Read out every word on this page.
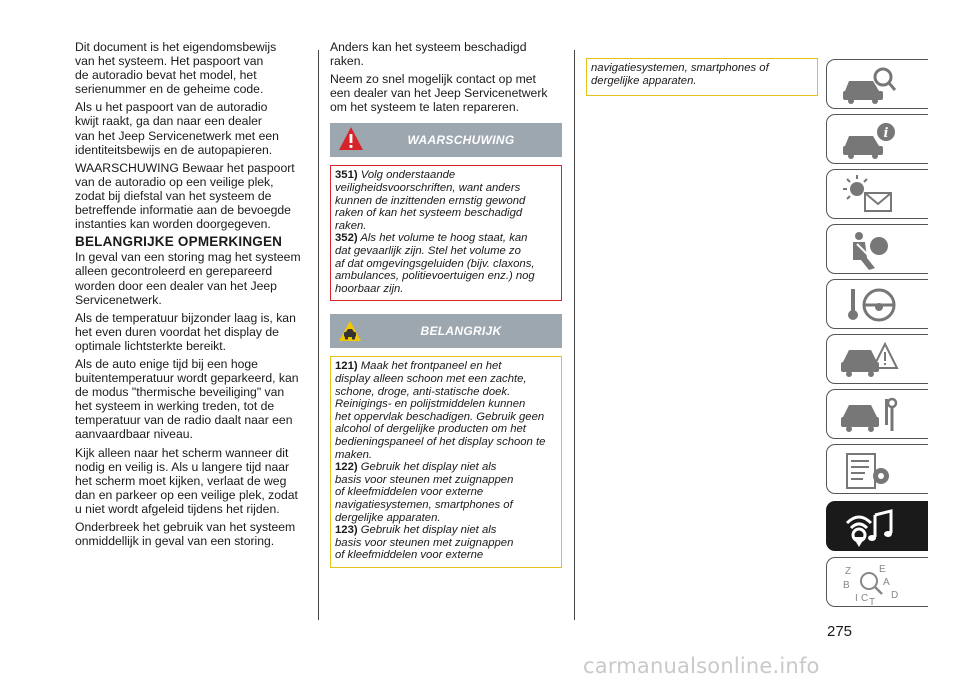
Dit document is het eigendomsbewijs
van het systeem. Het paspoort van
de autoradio bevat het model, het
serienummer en de geheime code.

Als u het paspoort van de autoradio
kwijt raakt, ga dan naar een dealer
van het Jeep Servicenetwerk met een
identiteitsbewijs en de autopapieren.

WAARSCHUWING Bewaar het paspoort
van de autoradio op een veilige plek,
zodat bij diefstal van het systeem de
betreffende informatie aan de bevoegde
instanties kan worden doorgegeven.

BELANGRIJKE OPMERKINGEN

In geval van een storing mag het systeem
alleen gecontroleerd en gerepareerd
worden door een dealer van het Jeep
Servicenetwerk.

Als de temperatuur bijzonder laag is, kan
het even duren voordat het display de
optimale lichtsterkte bereikt.

Als de auto enige tijd bij een hoge
buitentemperatuur wordt geparkeerd, kan
de modus "thermische beveiliging" van
het systeem in werking treden, tot de
temperatuur van de radio daalt naar een
aanvaardbaar niveau.

Kijk alleen naar het scherm wanneer dit
nodig en veilig is. Als u langere tijd naar
het scherm moet kijken, verlaat de weg
dan en parkeer op een veilige plek, zodat
u niet wordt afgeleid tijdens het rijden.

Onderbreek het gebruik van het systeem
onmiddellijk in geval van een storing.

Anders kan het systeem beschadigd
raken.

Neem zo snel mogelijk contact op met
een dealer van het Jeep Servicenetwerk
om het systeem te laten repareren.

WAARSCHUWING
351) Volg onderstaande
veiligheidsvoorschriften, want anders
kunnen de inzittenden ernstig gewond
raken of kan het systeem beschadigd
raken.
352) Als het volume te hoog staat, kan
dat gevaarlijk zijn. Stel het volume zo
af dat omgevingsgeluiden (bijv. claxons,
ambulances, politievoertuigen enz.) nog
hoorbaar zijn.
BELANGRIJK
121) Maak het frontpaneel en het
display alleen schoon met een zachte,
schone, droge, anti-statische doek.
Reinigings- en polijstmiddelen kunnen
het oppervlak beschadigen. Gebruik geen
alcohol of dergelijke producten om het
bedieningspaneel of het display schoon te
maken.
122) Gebruik het display niet als
basis voor steunen met zuignappen
of kleefmiddelen voor externe
navigatiesystemen, smartphones of
dergelijke apparaten.
123) Gebruik het display niet als
basis voor steunen met zuignappen
of kleefmiddelen voor externe
navigatiesystemen, smartphones of
dergelijke apparaten.
i
Z	E
B	A
C D
T
I
275
carmanualsonline.info
